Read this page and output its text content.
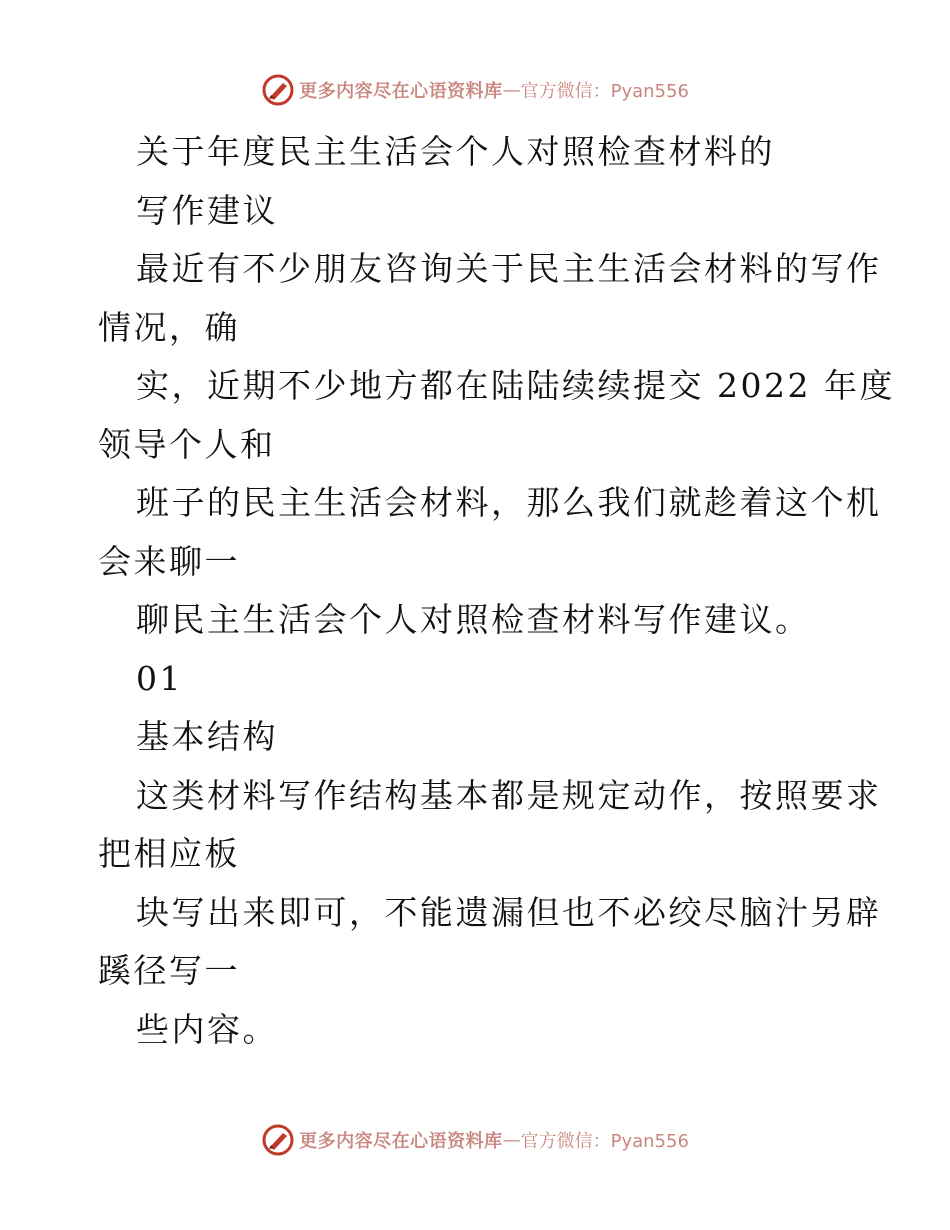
更多内容尽在心语资料库 — 官方微信：Pyan556
关于年度民主生活会个人对照检查材料的
写作建议
最近有不少朋友咨询关于民主生活会材料的写作
情况，确
实，近期不少地方都在陆陆续续提交 2022 年度
领导个人和
班子的民主生活会材料，那么我们就趁着这个机
会来聊一
聊民主生活会个人对照检查材料写作建议。
01
基本结构
这类材料写作结构基本都是规定动作，按照要求
把相应板
块写出来即可，不能遗漏但也不必绞尽脑汁另辟
蹊径写一
些内容。
更多内容尽在心语资料库 — 官方微信：Pyan556
